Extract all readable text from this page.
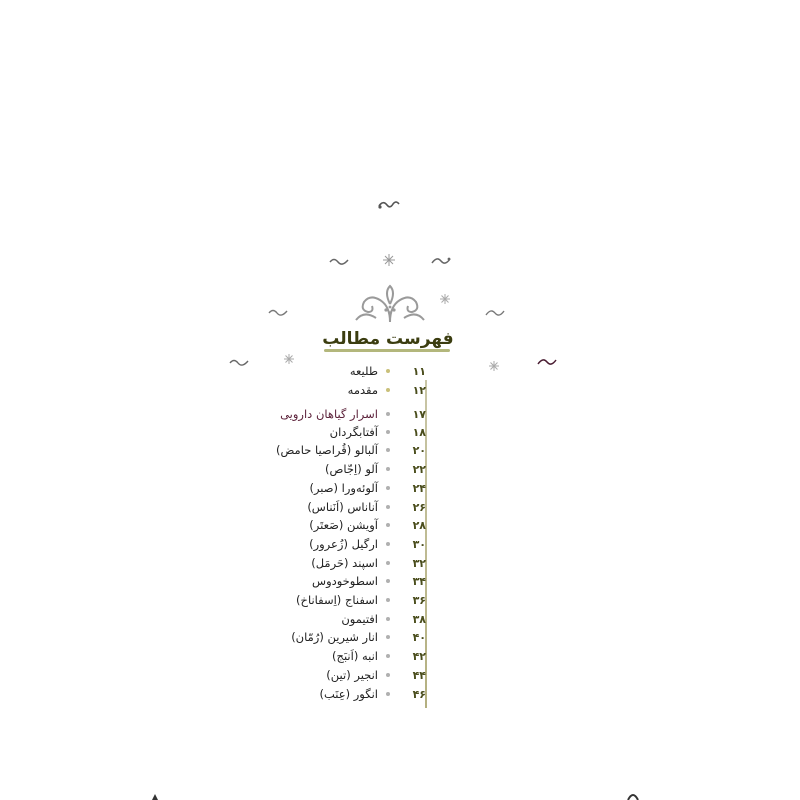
فهرست مطالب
۱۱
طلیعه
۱۲
مقدمه
۱۷
اسرار گیاهان دارویی
۱۸
آفتابگردان
۲۰
آلبالو (قُراصیا حامض)
۲۲
آلو (اِجّاص)
۲۴
آلوئه‌ورا (صبر)
۲۶
آناناس (اَنَناس)
۲۸
آویشن (صَعتَر)
۳۰
ارگیل (زُعرور)
۳۲
اسپند (حَرمَل)
۳۴
اسطوخودوس
۳۶
اسفناج (اِسفاناخ)
۳۸
افتیمون
۴۰
انار شیرین (رُمّان)
۴۲
انبه (اَنبَج)
۴۴
انجیر (تین)
۴۶
انگور (عِنَب)
